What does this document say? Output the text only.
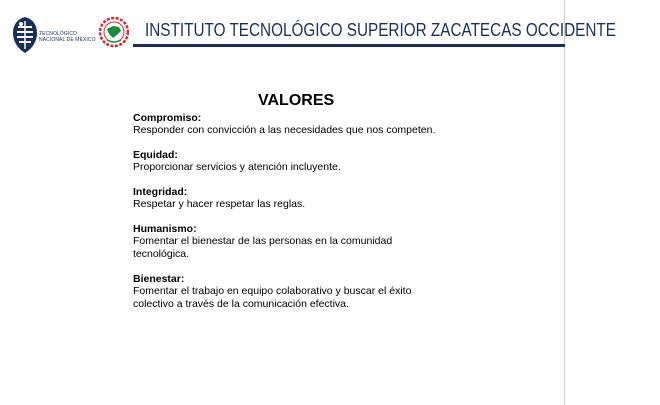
TECNOLÓGICO NACIONAL DE MÉXICO	INSTITUTO TECNOLÓGICO SUPERIOR ZACATECAS OCCIDENTE
VALORES
Compromiso:
Responder con convicción a las necesidades que nos competen.
Equidad:
Proporcionar servicios y atención incluyente.
Integridad:
Respetar y hacer respetar las reglas.
Humanismo:
Fomentar el bienestar de las personas en la comunidad
tecnológica.
Bienestar:
Fomentar el trabajo en equipo colaborativo y buscar el éxito
colectivo a través de la comunicación efectiva.
